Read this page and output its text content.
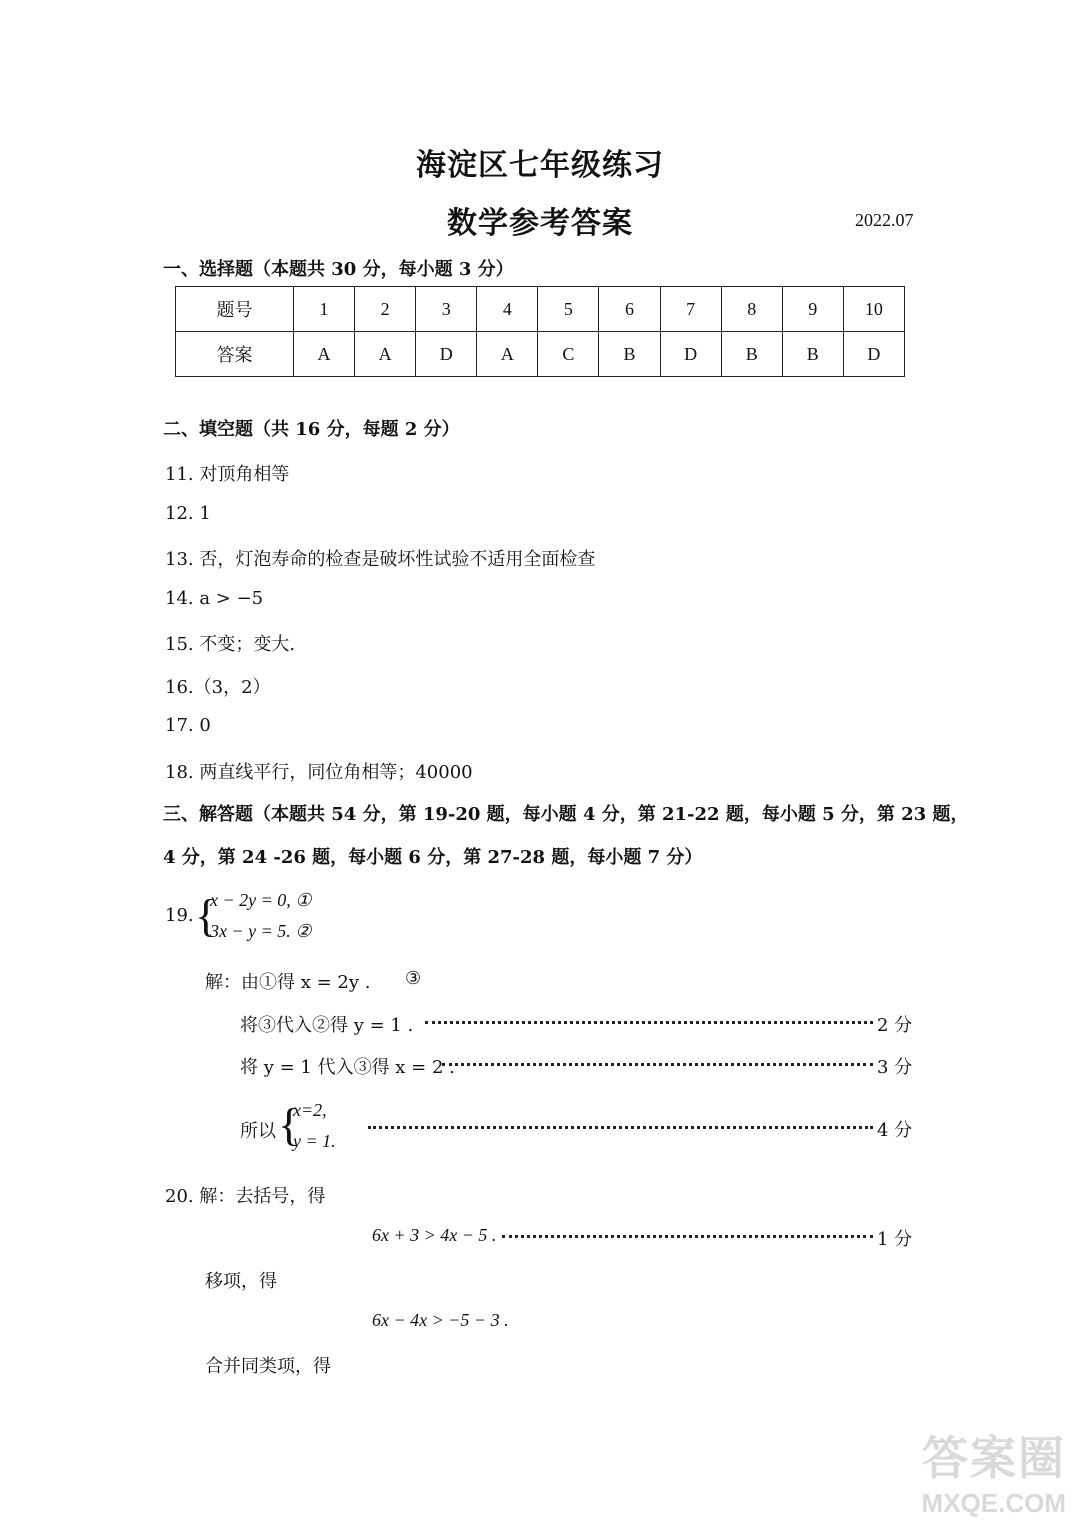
海淀区七年级练习
数学参考答案	2022.07
一、选择题（本题共 30 分，每小题 3 分）
题号	1	2	3	4	5	6	7	8	9	10
答案	A	A	D	A	C	B	D	B	B	D
二、填空题（共 16 分，每题 2 分）
11. 对顶角相等
12. 1
13. 否，灯泡寿命的检查是破坏性试验不适用全面检查
14. a > −5
15. 不变；变大.
16.（3，2）
17. 0
18. 两直线平行，同位角相等；40000
三、解答题（本题共 54 分，第 19-20 题，每小题 4 分，第 21-22 题，每小题 5 分，第 23 题，
4 分，第 24 -26 题，每小题 6 分，第 27-28 题，每小题 7 分）
19. {
x − 2y = 0, ①
3x − y = 5. ②
解：由①得 x = 2y . ③
将③代入②得 y = 1 .	2 分
将 y = 1 代入③得 x = 2 .	3 分
所以 {
x=2,
y = 1.	4 分
20. 解：去括号，得
6x + 3 > 4x − 5 .	1 分
移项，得
6x − 4x > −5 − 3 .
合并同类项，得
答案圈
MXQE.COM
